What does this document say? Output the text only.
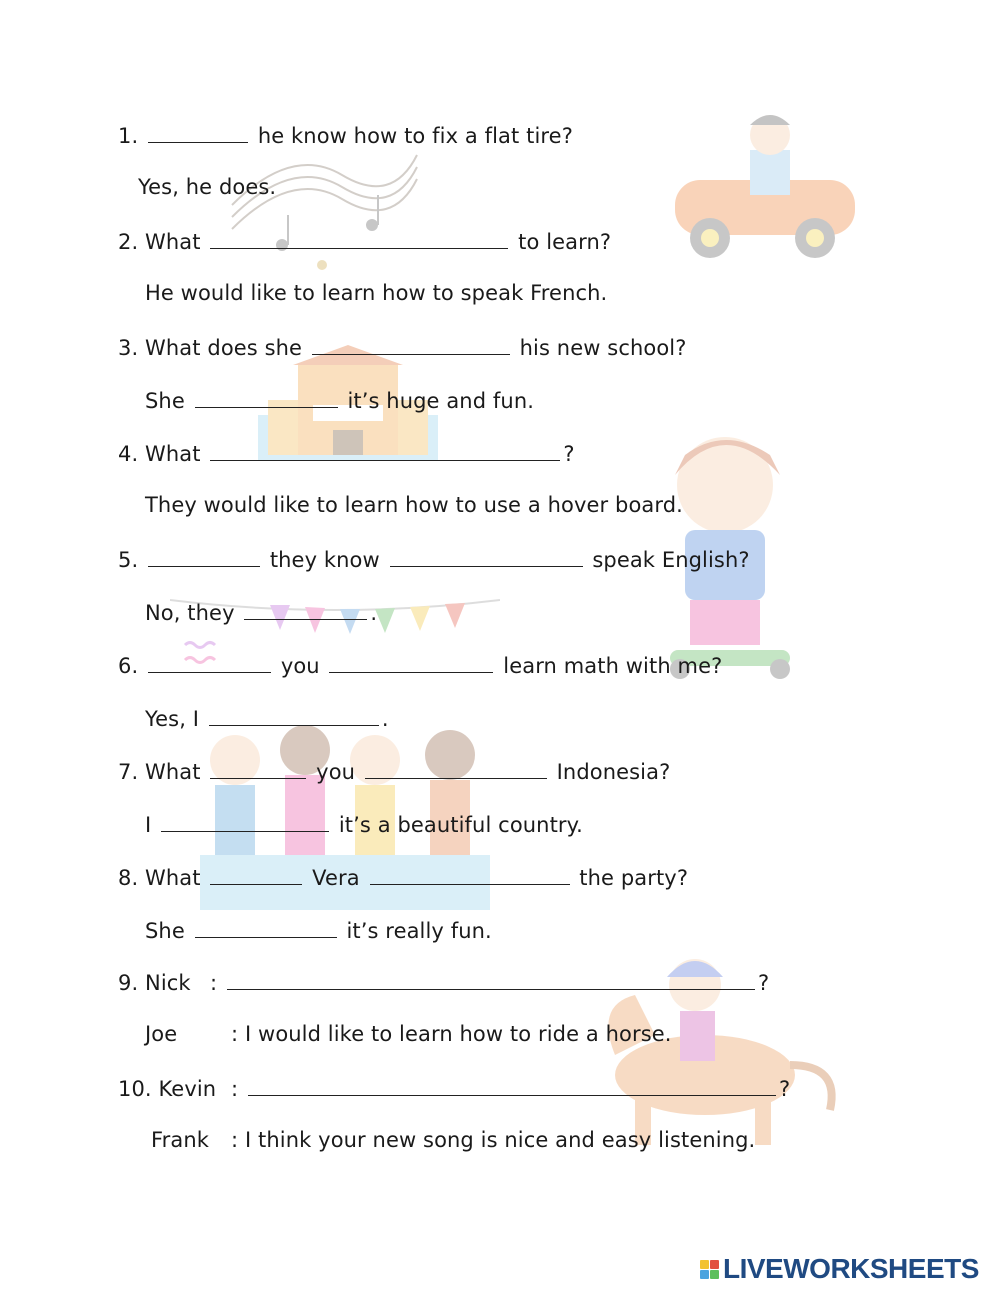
1.	he know how to fix a flat tire?

Yes, he does.

2. What	to learn?

He would like to learn how to speak French.

3. What does she	his new school?

She	it’s huge and fun.

4. What	?

They would like to learn how to use a hover board.

5.	they know	speak English?

No, they	.

6.	you	learn math with me?

Yes, I	.

7. What	you	Indonesia?

I	it’s a beautiful country.

8. What	Vera	the party?

She	it’s really fun.

9. Nick :	?

Joe	: I would like to learn how to ride a horse.

10. Kevin :	?

Frank : I think your new song is nice and easy listening.

LIVEWORKSHEETS
